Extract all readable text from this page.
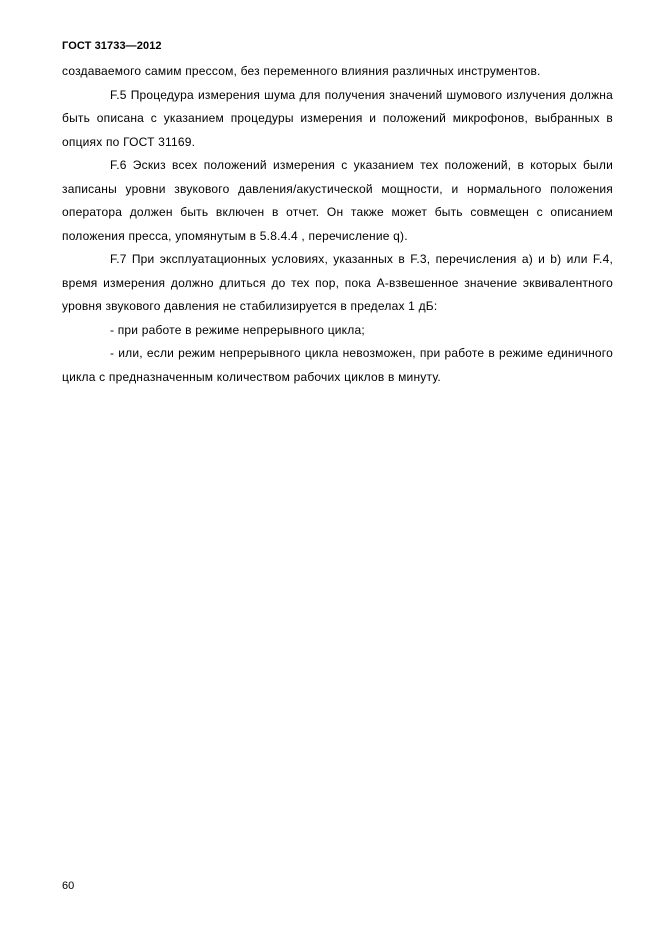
ГОСТ 31733—2012

создаваемого самим прессом, без переменного влияния различных инструментов.

F.5 Процедура измерения шума для получения значений шумового излучения должна быть описана с указанием процедуры измерения и положений микрофонов, выбранных в опциях по ГОСТ 31169.

F.6 Эскиз всех положений измерения с указанием тех положений, в которых были записаны уровни звукового давления/акустической мощности, и нормального положения оператора должен быть включен в отчет. Он также может быть совмещен с описанием положения пресса, упомянутым в 5.8.4.4 , перечисление q).

F.7 При эксплуатационных условиях, указанных в F.3, перечисления а) и b) или F.4, время измерения должно длиться до тех пор, пока А-взвешенное значение эквивалентного уровня звукового давления не стабилизируется в пределах 1 дБ:

- при работе в режиме непрерывного цикла;

- или, если режим непрерывного цикла невозможен, при работе в режиме единичного цикла с предназначенным количеством рабочих циклов в минуту.

60
